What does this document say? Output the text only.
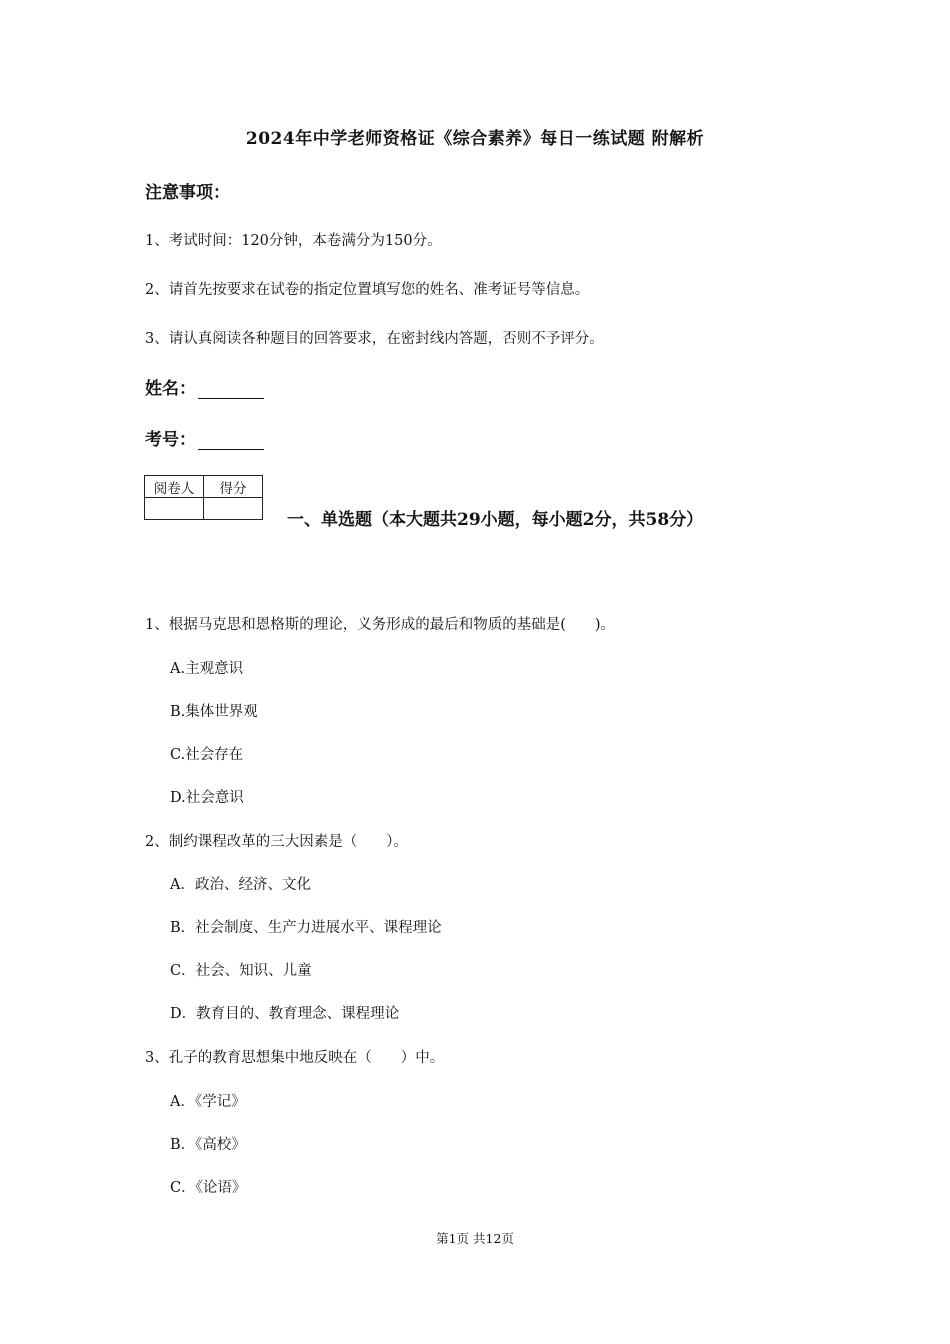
2024年中学老师资格证《综合素养》每日一练试题 附解析
注意事项：
1、考试时间：120分钟，本卷满分为150分。
2、请首先按要求在试卷的指定位置填写您的姓名、准考证号等信息。
3、请认真阅读各种题目的回答要求，在密封线内答题，否则不予评分。
姓名：
考号：
阅卷人	得分

一、单选题（本大题共29小题，每小题2分，共58分）
1、根据马克思和恩格斯的理论，义务形成的最后和物质的基础是(　　)。
A.主观意识
B.集体世界观
C.社会存在
D.社会意识
2、制约课程改革的三大因素是（　　）。
A．政治、经济、文化
B．社会制度、生产力进展水平、课程理论
C．社会、知识、儿童
D．教育目的、教育理念、课程理论
3、孔子的教育思想集中地反映在（　　）中。
A．《学记》
B．《高校》
C．《论语》
第1页 共12页
